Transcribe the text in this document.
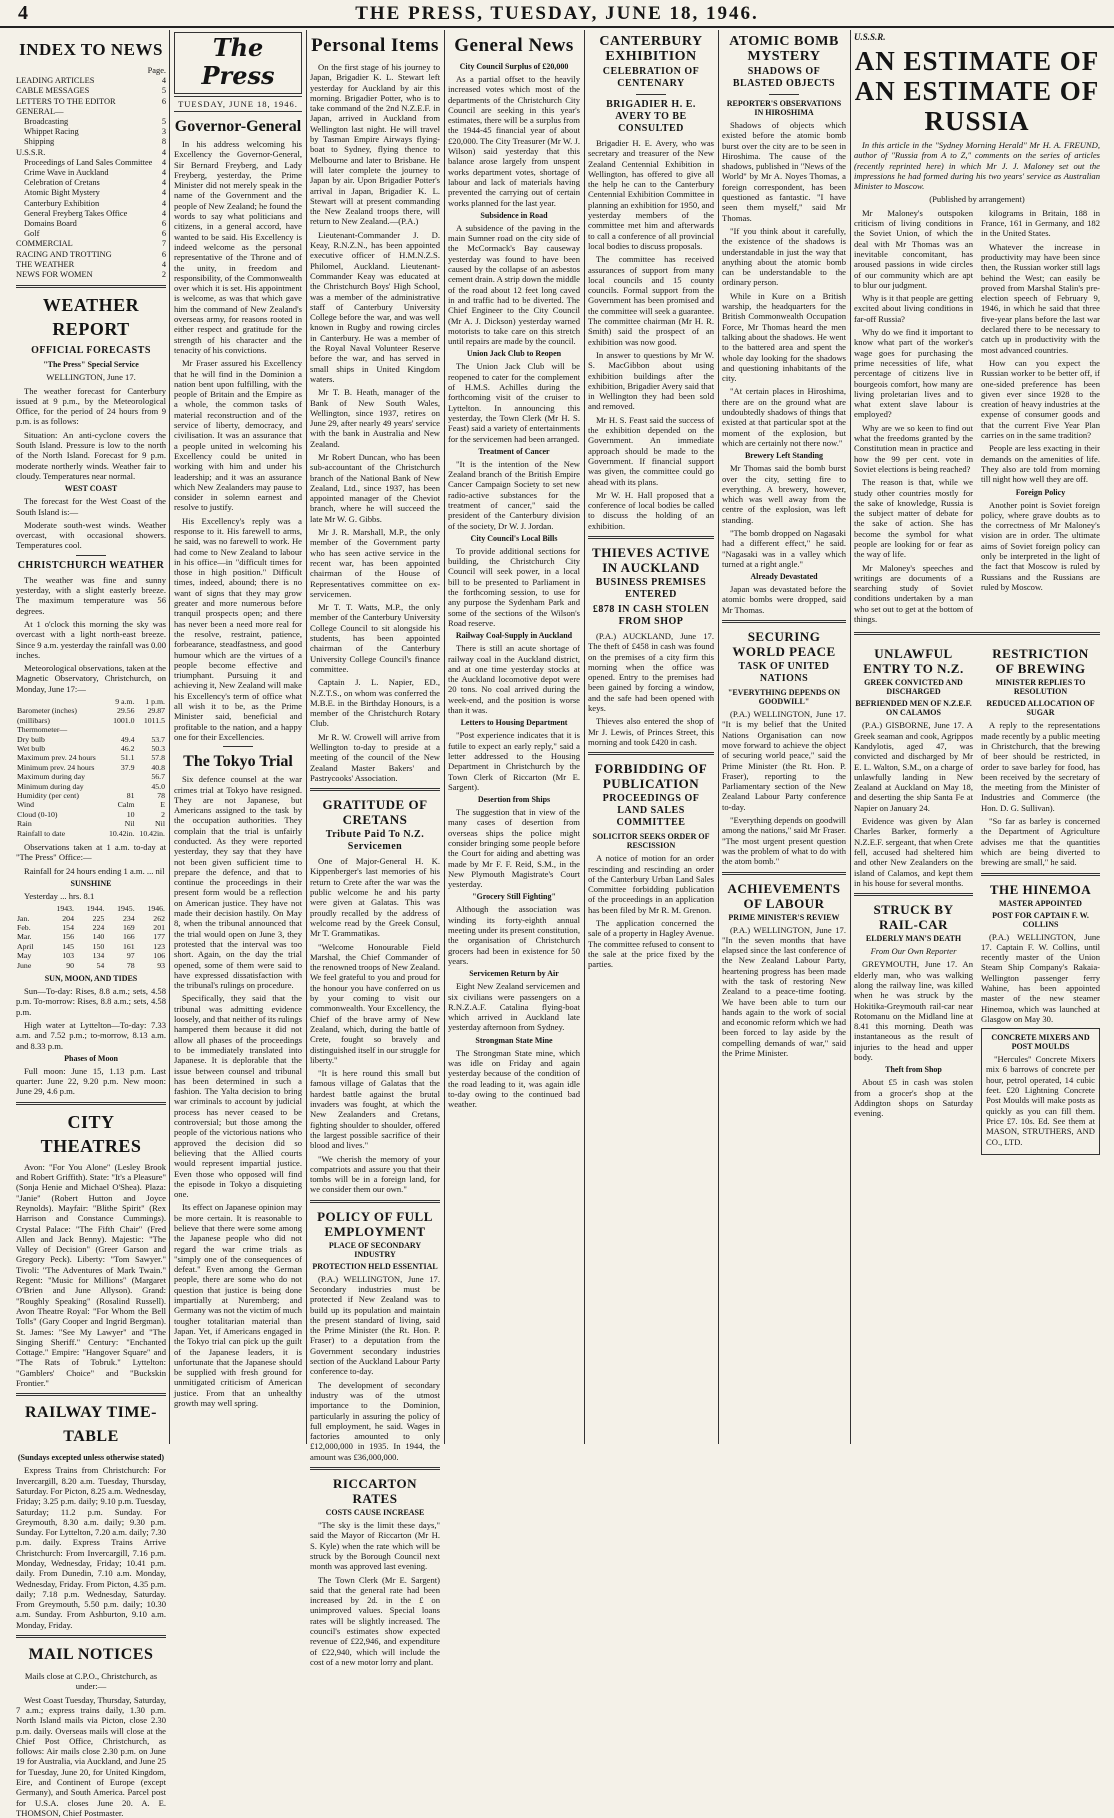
4	THE PRESS, TUESDAY, JUNE 18, 1946.
INDEX TO NEWS
Page.
LEADING ARTICLES	4
CABLE MESSAGES	5
LETTERS TO THE EDITOR	6
GENERAL—
Broadcasting	5
Whippet Racing	3
Shipping	8
U.S.S.R.	4
Proceedings of Land Sales Committee 4
Crime Wave in Auckland	4
Celebration of Cretans	4
Atomic Bight Mystery	4
Canterbury Exhibition	4
General Freyberg Takes Office	4
Domains Board	6
Golf	6
COMMERCIAL	7
RACING AND TROTTING	6
THE WEATHER	4
NEWS FOR WOMEN	2
WEATHER REPORT
OFFICIAL FORECASTS
"The Press" Special Service

WELLINGTON, June 17.

The weather forecast for Canterbury issued at 9 p.m., by the Meteorological Office, for the period of 24 hours from 9 p.m. is as follows:

Situation: An anti-cyclone covers the South Island. Pressure is low to the north of the North Island. Forecast for 9 p.m. moderate northerly winds. Weather fair to cloudy. Temperatures near normal.

WEST COAST

The forecast for the West Coast of the South Island is:—

Moderate south-west winds. Weather overcast, with occasional showers. Temperatures cool.

CHRISTCHURCH WEATHER

The weather was fine and sunny yesterday, with a slight easterly breeze. The maximum temperature was 56 degrees.

At 1 o'clock this morning the sky was overcast with a light north-east breeze. Since 9 a.m. yesterday the rainfall was 0.00 inches.

Meteorological observations, taken at the Magnetic Observatory, Christchurch, on Monday, June 17:—

	9 a.m.	1 p.m.
Barometer (inches)	29.56	29.87
(millibars)	1001.0	1011.5
Thermometer—		
Dry bulb	49.4	53.7
Wet bulb	46.2	50.3
Maximum prev. 24 hours	51.1	57.8
Minimum prev. 24 hours	37.9	40.8
Maximum during day		56.7
Minimum during day		45.0
Humidity (per cent)	81	78
Wind	Calm	E
Cloud (0-10)	10	2
Rain	Nil	Nil
Rainfall to date	10.42in.	10.42in.

Observations taken at 1 a.m. to-day at "The Press" Office:—

Rainfall for 24 hours ending 1 a.m. ... nil

SUNSHINE

Yesterday ... hrs. 8.1

	1943.	1944.	1945.	1946.
Jan.	204	225	234	262
Feb.	154	224	169	201
Mar.	156	140	166	177
April	145	150	161	123
May	103	134	97	106
June	90	54	78	93
SUN, MOON, AND TIDES

Sun—To-day: Rises, 8.8 a.m.; sets, 4.58 p.m. To-morrow: Rises, 8.8 a.m.; sets, 4.58 p.m.

High water at Lyttelton—To-day: 7.33 a.m. and 7.52 p.m.; to-morrow, 8.13 a.m. and 8.33 p.m.

Phases of Moon

Full moon: June 15, 1.13 p.m. Last quarter: June 22, 9.20 p.m. New moon: June 29, 4.6 p.m.

CITY THEATRES

Avon: "For You Alone" (Lesley Brook and Robert Griffith). State: "It's a Pleasure" (Sonja Henie and Michael O'Shea). Plaza: "Janie" (Robert Hutton and Joyce Reynolds). Mayfair: "Blithe Spirit" (Rex Harrison and Constance Cummings). Crystal Palace: "The Fifth Chair" (Fred Allen and Jack Benny). Majestic: "The Valley of Decision" (Greer Garson and Gregory Peck). Liberty: "Tom Sawyer." Tivoli: "The Adventures of Mark Twain." Regent: "Music for Millions" (Margaret O'Brien and June Allyson). Grand: "Roughly Speaking" (Rosalind Russell). Avon Theatre Royal: "For Whom the Bell Tolls" (Gary Cooper and Ingrid Bergman). St. James: "See My Lawyer" and "The Singing Sheriff." Century: "Enchanted Cottage." Empire: "Hangover Square" and "The Rats of Tobruk." Lyttelton: "Gamblers' Choice" and "Buckskin Frontier."

RAILWAY TIME-TABLE
(Sundays excepted unless otherwise stated)

Express Trains from Christchurch: For Invercargill, 8.20 a.m. Tuesday, Thursday, Saturday. For Picton, 8.25 a.m. Wednesday, Friday; 3.25 p.m. daily; 9.10 p.m. Tuesday, Saturday; 11.2 p.m. Sunday. For Greymouth, 8.30 a.m. daily; 9.30 p.m. Sunday. For Lyttelton, 7.20 a.m. daily; 7.30 p.m. daily. Express Trains Arrive Christchurch: From Invercargill, 7.16 p.m. Monday, Wednesday, Friday; 10.41 p.m. daily. From Dunedin, 7.10 a.m. Monday, Wednesday, Friday. From Picton, 4.35 p.m. daily; 7.18 p.m. Wednesday, Saturday. From Greymouth, 5.50 p.m. daily; 10.30 a.m. Sunday. From Ashburton, 9.10 a.m. Monday, Friday.

MAIL NOTICES

Mails close at C.P.O., Christchurch, as under:—

West Coast Tuesday, Thursday, Saturday, 7 a.m.; express trains daily, 1.30 p.m. North Island mails via Picton, close 2.30 p.m. daily. Overseas mails will close at the Chief Post Office, Christchurch, as follows: Air mails close 2.30 p.m. on June 19 for Australia, via Auckland, and June 25 for Tuesday, June 20, for United Kingdom, Eire, and Continent of Europe (except Germany), and South America. Parcel post for U.S.A. closes June 20. A. E. THOMSON, Chief Postmaster.

The Press
TUESDAY, JUNE 18, 1946.
Governor-General

In his address welcoming his Excellency the Governor-General, Sir Bernard Freyberg, and Lady Freyberg, yesterday, the Prime Minister did not merely speak in the name of the Government and the people of New Zealand; he found the words to say what politicians and citizens, in a general accord, have wanted to be said. His Excellency is indeed welcome as the personal representative of the Throne and of the unity, in freedom and responsibility, of the Commonwealth over which it is set. His appointment is welcome, as was that which gave him the command of New Zealand's overseas army, for reasons rooted in either respect and gratitude for the strength of his character and the tenacity of his convictions.

Mr Fraser assured his Excellency that he will find in the Dominion a nation bent upon fulfilling, with the people of Britain and the Empire as a whole, the common tasks of material reconstruction and of the service of liberty, democracy, and civilisation. It was an assurance that a people united in welcoming his Excellency could be united in working with him and under his leadership; and it was an assurance which New Zealanders may pause to consider in solemn earnest and resolve to justify.

His Excellency's reply was a response to it. His farewell to arms, he said, was no farewell to work. He had come to New Zealand to labour in his office—in "difficult times for those in high position." Difficult times, indeed, abound; there is no want of signs that they may grow greater and more numerous before tranquil prospects open; and there has never been a need more real for the resolve, restraint, patience, forbearance, steadfastness, and good humour which are the virtues of a people become effective and triumphant. Pursuing it and achieving it, New Zealand will make his Excellency's term of office what all wish it to be, as the Prime Minister said, beneficial and profitable to the nation, and a happy one for their Excellencies.

The Tokyo Trial

Six defence counsel at the war crimes trial at Tokyo have resigned. They are not Japanese, but Americans assigned to the task by the occupation authorities. They complain that the trial is unfairly conducted. As they were reported yesterday, they say that they have not been given sufficient time to prepare the defence, and that to continue the proceedings in their present form would be a reflection on American justice. They have not made their decision hastily. On May 8, when the tribunal announced that the trial would open on June 3, they protested that the interval was too short. Again, on the day the trial opened, some of them were said to have expressed dissatisfaction with the tribunal's rulings on procedure.

Specifically, they said that the tribunal was admitting evidence loosely, and that neither of its rulings hampered them because it did not allow all phases of the proceedings to be immediately translated into Japanese. It is deplorable that the issue between counsel and tribunal has been determined in such a fashion. The Yalta decision to bring war criminals to account by judicial process has never ceased to be controversial; but those among the people of the victorious nations who approved the decision did so believing that the Allied courts would represent impartial justice. Even those who opposed will find the episode in Tokyo a disquieting one.

Its effect on Japanese opinion may be more certain. It is reasonable to believe that there were some among the Japanese people who did not regard the war crime trials as "simply one of the consequences of defeat." Even among the German people, there are some who do not question that justice is being done impartially at Nuremberg; and Germany was not the victim of much tougher totalitarian material than Japan. Yet, if Americans engaged in the Tokyo trial can pick up the guilt of the Japanese leaders, it is unfortunate that the Japanese should be supplied with fresh ground for unmitigated criticism of American justice. From that an unhealthy growth may well spring.

Personal Items

On the first stage of his journey to Japan, Brigadier K. L. Stewart left yesterday for Auckland by air this morning. Brigadier Potter, who is to take command of the 2nd N.Z.E.F. in Japan, arrived in Auckland from Wellington last night. He will travel by Tasman Empire Airways flying-boat to Sydney, flying thence to Melbourne and later to Brisbane. He will later complete the journey to Japan by air. Upon Brigadier Potter's arrival in Japan, Brigadier K. L. Stewart will at present commanding the New Zealand troops there, will return to New Zealand.—(P.A.)

Lieutenant-Commander J. D. Keay, R.N.Z.N., has been appointed executive officer of H.M.N.Z.S. Philomel, Auckland. Lieutenant-Commander Keay was educated at the Christchurch Boys' High School, was a member of the administrative staff of Canterbury University College before the war, and was well known in Rugby and rowing circles in Canterbury. He was a member of the Royal Naval Volunteer Reserve before the war, and has served in small ships in United Kingdom waters.

Mr T. B. Heath, manager of the Bank of New South Wales, Wellington, since 1937, retires on June 29, after nearly 49 years' service with the bank in Australia and New Zealand.

Mr Robert Duncan, who has been sub-accountant of the Christchurch branch of the National Bank of New Zealand, Ltd., since 1937, has been appointed manager of the Cheviot branch, where he will succeed the late Mr W. G. Gibbs.

Mr J. R. Marshall, M.P., the only member of the Government party who has seen active service in the recent war, has been appointed chairman of the House of Representatives committee on ex-servicemen.

Mr T. T. Watts, M.P., the only member of the Canterbury University College Council to sit alongside his students, has been appointed chairman of the Canterbury University College Council's finance committee.

Captain J. L. Napier, ED., N.Z.T.S., on whom was conferred the M.B.E. in the Birthday Honours, is a member of the Christchurch Rotary Club.

Mr R. W. Crowell will arrive from Wellington to-day to preside at a meeting of the council of the New Zealand Master Bakers' and Pastrycooks' Association.

GRATITUDE OF CRETANS
Tribute Paid To N.Z. Servicemen

One of Major-General H. K. Kippenberger's last memories of his return to Crete after the war was the public welcome he and his party were given at Galatas. This was proudly recalled by the address of welcome read by the Greek Consul, Mr T. Grammatikas.

"Welcome Honourable Field Marshal, the Chief Commander of the renowned troops of New Zealand. We feel grateful to you and proud for the honour you have conferred on us by your coming to visit our commonwealth. Your Excellency, the Chief of the brave army of New Zealand, which, during the battle of Crete, fought so bravely and distinguished itself in our struggle for liberty."

"It is here round this small but famous village of Galatas that the hardest battle against the brutal invaders was fought, at which the New Zealanders and Cretans, fighting shoulder to shoulder, offered the largest possible sacrifice of their blood and lives."

"We cherish the memory of your compatriots and assure you that their tombs will be in a foreign land, for we consider them our own."

POLICY OF FULL EMPLOYMENT
PLACE OF SECONDARY INDUSTRY
PROTECTION HELD ESSENTIAL

(P.A.) WELLINGTON, June 17. Secondary industries must be protected if New Zealand was to build up its population and maintain the present standard of living, said the Prime Minister (the Rt. Hon. P. Fraser) to a deputation from the Government secondary industries section of the Auckland Labour Party conference to-day.

The development of secondary industry was of the utmost importance to the Dominion, particularly in assuring the policy of full employment, he said. Wages in factories amounted to only £12,000,000 in 1935. In 1944, the amount was £36,000,000.

RICCARTON RATES
COSTS CAUSE INCREASE

"The sky is the limit these days," said the Mayor of Riccarton (Mr H. S. Kyle) when the rate which will be struck by the Borough Council next month was approved last evening.

The Town Clerk (Mr E. Sargent) said that the general rate had been increased by 2d. in the £ on unimproved values. Special loans rates will be slightly increased. The council's estimates show expected revenue of £22,946, and expenditure of £22,940, which will include the cost of a new motor lorry and plant.

General News
City Council Surplus of £20,000

As a partial offset to the heavily increased votes which most of the departments of the Christchurch City Council are seeking in this year's estimates, there will be a surplus from the 1944-45 financial year of about £20,000. The City Treasurer (Mr W. J. Wilson) said yesterday that this balance arose largely from unspent works department votes, shortage of labour and lack of materials having prevented the carrying out of certain works planned for the last year.

Subsidence in Road

A subsidence of the paving in the main Sumner road on the city side of the McCormack's Bay causeway yesterday was found to have been caused by the collapse of an asbestos cement drain. A strip down the middle of the road about 12 feet long caved in and traffic had to be diverted. The Chief Engineer to the City Council (Mr A. J. Dickson) yesterday warned motorists to take care on this stretch until repairs are made by the council.

Union Jack Club to Reopen

The Union Jack Club will be reopened to cater for the complement of H.M.S. Achilles during the forthcoming visit of the cruiser to Lyttelton. In announcing this yesterday, the Town Clerk (Mr H. S. Feast) said a variety of entertainments for the servicemen had been arranged.

Treatment of Cancer

"It is the intention of the New Zealand branch of the British Empire Cancer Campaign Society to set new radio-active substances for the treatment of cancer," said the president of the Canterbury division of the society, Dr W. J. Jordan.

City Council's Local Bills

To provide additional sections for building, the Christchurch City Council will seek power, in a local bill to be presented to Parliament in the forthcoming session, to use for any purpose the Sydenham Park and some of the sections of the Wilson's Road reserve.

Railway Coal-Supply in Auckland

There is still an acute shortage of railway coal in the Auckland district, and at one time yesterday stocks at the Auckland locomotive depot were 20 tons. No coal arrived during the week-end, and the position is worse than it was.

Letters to Housing Department

"Post experience indicates that it is futile to expect an early reply," said a letter addressed to the Housing Department in Christchurch by the Town Clerk of Riccarton (Mr E. Sargent).

Desertion from Ships

The suggestion that in view of the many cases of desertion from overseas ships the police might consider bringing some people before the Court for aiding and abetting was made by Mr F. F. Reid, S.M., in the New Plymouth Magistrate's Court yesterday.

"Grocery Still Fighting"

Although the association was winding its forty-eighth annual meeting under its present constitution, the organisation of Christchurch grocers had been in existence for 50 years.

Servicemen Return by Air

Eight New Zealand servicemen and six civilians were passengers on a R.N.Z.A.F. Catalina flying-boat which arrived in Auckland late yesterday afternoon from Sydney.

Strongman State Mine

The Strongman State mine, which was idle on Friday and again yesterday because of the condition of the road leading to it, was again idle to-day owing to the continued bad weather.

CANTERBURY EXHIBITION
CELEBRATION OF CENTENARY
BRIGADIER H. E. AVERY TO BE CONSULTED

Brigadier H. E. Avery, who was secretary and treasurer of the New Zealand Centennial Exhibition in Wellington, has offered to give all the help he can to the Canterbury Centennial Exhibition Committee in planning an exhibition for 1950, and yesterday members of the committee met him and afterwards to call a conference of all provincial local bodies to discuss proposals.

The committee has received assurances of support from many local councils and 15 county councils. Formal support from the Government has been promised and the committee will seek a guarantee. The committee chairman (Mr H. R. Smith) said the prospect of an exhibition was now good.

In answer to questions by Mr W. S. MacGibbon about using exhibition buildings after the exhibition, Brigadier Avery said that in Wellington they had been sold and removed.

Mr H. S. Feast said the success of the exhibition depended on the Government. An immediate approach should be made to the Government. If financial support was given, the committee could go ahead with its plans.

Mr W. H. Hall proposed that a conference of local bodies be called to discuss the holding of an exhibition.

THIEVES ACTIVE IN AUCKLAND
BUSINESS PREMISES ENTERED
£878 IN CASH STOLEN FROM SHOP

(P.A.) AUCKLAND, June 17. The theft of £458 in cash was found on the premises of a city firm this morning when the office was opened. Entry to the premises had been gained by forcing a window, and the safe had been opened with keys.

Thieves also entered the shop of Mr J. Lewis, of Princes Street, this morning and took £420 in cash.

FORBIDDING OF PUBLICATION
PROCEEDINGS OF LAND SALES COMMITTEE
SOLICITOR SEEKS ORDER OF RESCISSION

A notice of motion for an order rescinding and rescinding an order of the Canterbury Urban Land Sales Committee forbidding publication of the proceedings in an application has been filed by Mr R. M. Grenon.

The application concerned the sale of a property in Hagley Avenue. The committee refused to consent to the sale at the price fixed by the parties.

ATOMIC BOMB MYSTERY
SHADOWS OF BLASTED OBJECTS
REPORTER'S OBSERVATIONS IN HIROSHIMA

Shadows of objects which existed before the atomic bomb burst over the city are to be seen in Hiroshima. The cause of the shadows, published in "News of the World" by Mr A. Noyes Thomas, a foreign correspondent, has been questioned as fantastic. "I have seen them myself," said Mr Thomas.

"If you think about it carefully, the existence of the shadows is understandable in just the way that anything about the atomic bomb can be understandable to the ordinary person.

While in Kure on a British warship, the headquarters for the British Commonwealth Occupation Force, Mr Thomas heard the men talking about the shadows. He went to the battered area and spent the whole day looking for the shadows and questioning inhabitants of the city.

"At certain places in Hiroshima, there are on the ground what are undoubtedly shadows of things that existed at that particular spot at the moment of the explosion, but which are certainly not there now."

Brewery Left Standing

Mr Thomas said the bomb burst over the city, setting fire to everything. A brewery, however, which was well away from the centre of the explosion, was left standing.

"The bomb dropped on Nagasaki had a different effect," he said. "Nagasaki was in a valley which turned at a right angle."

Already Devastated

Japan was devastated before the atomic bombs were dropped, said Mr Thomas.

SECURING WORLD PEACE
TASK OF UNITED NATIONS
"EVERYTHING DEPENDS ON GOODWILL"

(P.A.) WELLINGTON, June 17. "It is my belief that the United Nations Organisation can now move forward to achieve the object of securing world peace," said the Prime Minister (the Rt. Hon. P. Fraser), reporting to the Parliamentary section of the New Zealand Labour Party conference to-day.

"Everything depends on goodwill among the nations," said Mr Fraser. "The most urgent present question was the problem of what to do with the atom bomb."

ACHIEVEMENTS OF LABOUR
PRIME MINISTER'S REVIEW

(P.A.) WELLINGTON, June 17. "In the seven months that have elapsed since the last conference of the New Zealand Labour Party, heartening progress has been made with the task of restoring New Zealand to a peace-time footing. We have been able to turn our hands again to the work of social and economic reform which we had been forced to lay aside by the compelling demands of war," said the Prime Minister.

U.S.S.R.
AN ESTIMATE OF AN ESTIMATE OF RUSSIA

In this article in the "Sydney Morning Herald" Mr H. A. FREUND, author of "Russia from A to Z," comments on the series of articles (recently reprinted here) in which Mr J. J. Maloney set out the impressions he had formed during his two years' service as Australian Minister to Moscow.

(Published by arrangement)

Mr Maloney's outspoken criticism of living conditions in the Soviet Union, of which the deal with Mr Thomas was an inevitable concomitant, has aroused passions in wide circles of our community which are apt to blur our judgment.

Why is it that people are getting excited about living conditions in far-off Russia?

Why do we find it important to know what part of the worker's wage goes for purchasing the prime necessities of life, what percentage of citizens live in bourgeois comfort, how many are living proletarian lives and to what extent slave labour is employed?

Why are we so keen to find out what the freedoms granted by the Constitution mean in practice and how the 99 per cent. vote in Soviet elections is being reached?

The reason is that, while we study other countries mostly for the sake of knowledge, Russia is the subject matter of debate for the sake of action. She has become the symbol for what people are looking for or fear as the way of life.

Mr Maloney's speeches and writings are documents of a searching study of Soviet conditions undertaken by a man who set out to get at the bottom of things.

kilograms in Britain, 188 in France, 161 in Germany, and 182 in the United States.

Whatever the increase in productivity may have been since then, the Russian worker still lags behind the West; can easily be proved from Marshal Stalin's pre-election speech of February 9, 1946, in which he said that three five-year plans before the last war declared there to be necessary to catch up in productivity with the most advanced countries.

How can you expect the Russian worker to be better off, if one-sided preference has been given ever since 1928 to the creation of heavy industries at the expense of consumer goods and that the current Five Year Plan carries on in the same tradition?

People are less exacting in their demands on the amenities of life. They also are told from morning till night how well they are off.

Foreign Policy

Another point is Soviet foreign policy, where grave doubts as to the correctness of Mr Maloney's vision are in order. The ultimate aims of Soviet foreign policy can only be interpreted in the light of the fact that Moscow is ruled by Russians and the Russians are ruled by Moscow.

UNLAWFUL ENTRY TO N.Z.
GREEK CONVICTED AND DISCHARGED
BEFRIENDED MEN OF N.Z.E.F. ON CALAMOS

(P.A.) GISBORNE, June 17. A Greek seaman and cook, Agrippos Kandylotis, aged 47, was convicted and discharged by Mr E. L. Walton, S.M., on a charge of unlawfully landing in New Zealand at Auckland on May 18, and deserting the ship Santa Fe at Napier on January 24.

Evidence was given by Alan Charles Barker, formerly a N.Z.E.F. sergeant, that when Crete fell, accused had sheltered him and other New Zealanders on the island of Calamos, and kept them in his house for several months.

STRUCK BY RAIL-CAR
ELDERLY MAN'S DEATH

From Our Own Reporter

GREYMOUTH, June 17. An elderly man, who was walking along the railway line, was killed when he was struck by the Hokitika-Greymouth rail-car near Rotomanu on the Midland line at 8.41 this morning. Death was instantaneous as the result of injuries to the head and upper body.

Theft from Shop

About £5 in cash was stolen from a grocer's shop at the Addington shops on Saturday evening.

RESTRICTION OF BREWING
MINISTER REPLIES TO RESOLUTION
REDUCED ALLOCATION OF SUGAR

A reply to the representations made recently by a public meeting in Christchurch, that the brewing of beer should be restricted, in order to save barley for food, has been received by the secretary of the meeting from the Minister of Industries and Commerce (the Hon. D. G. Sullivan).

"So far as barley is concerned the Department of Agriculture advises me that the quantities which are being diverted to brewing are small," he said.

THE HINEMOA
MASTER APPOINTED
POST FOR CAPTAIN F. W. COLLINS

(P.A.) WELLINGTON, June 17. Captain F. W. Collins, until recently master of the Union Steam Ship Company's Rakaia-Wellington passenger ferry Wahine, has been appointed master of the new steamer Hinemoa, which was launched at Glasgow on May 30.

CONCRETE MIXERS AND POST MOULDS

"Hercules" Concrete Mixers mix 6 barrows of concrete per hour, petrol operated, 14 cubic feet. £20 Lightning Concrete Post Moulds will make posts as quickly as you can fill them. Price £7. 10s. Ed. See them at MASON, STRUTHERS, AND CO., LTD.
